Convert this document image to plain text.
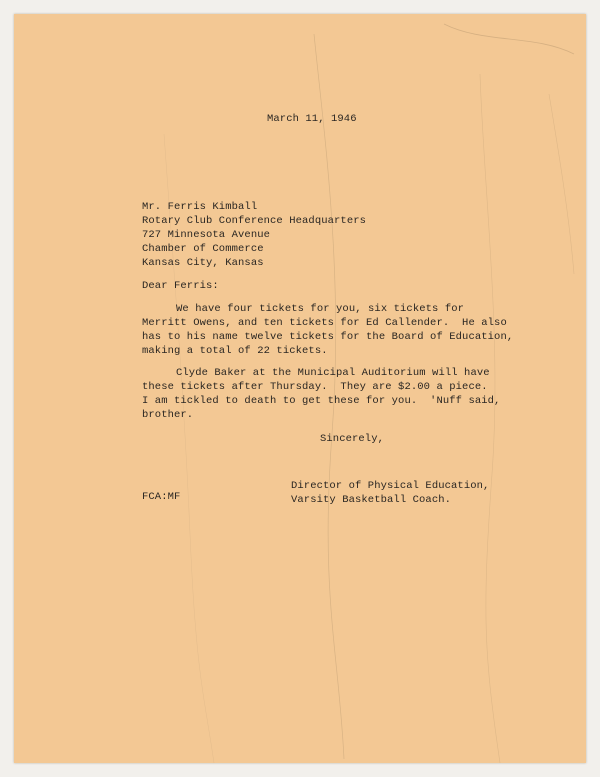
March 11, 1946
Mr. Ferris Kimball
Rotary Club Conference Headquarters
727 Minnesota Avenue
Chamber of Commerce
Kansas City, Kansas
Dear Ferris:
We have four tickets for you, six tickets for
Merritt Owens, and ten tickets for Ed Callender.  He also
has to his name twelve tickets for the Board of Education,
making a total of 22 tickets.
Clyde Baker at the Municipal Auditorium will have
these tickets after Thursday.  They are $2.00 a piece.
I am tickled to death to get these for you.  'Nuff said,
brother.
Sincerely,
Director of Physical Education,
Varsity Basketball Coach.
FCA:MF
